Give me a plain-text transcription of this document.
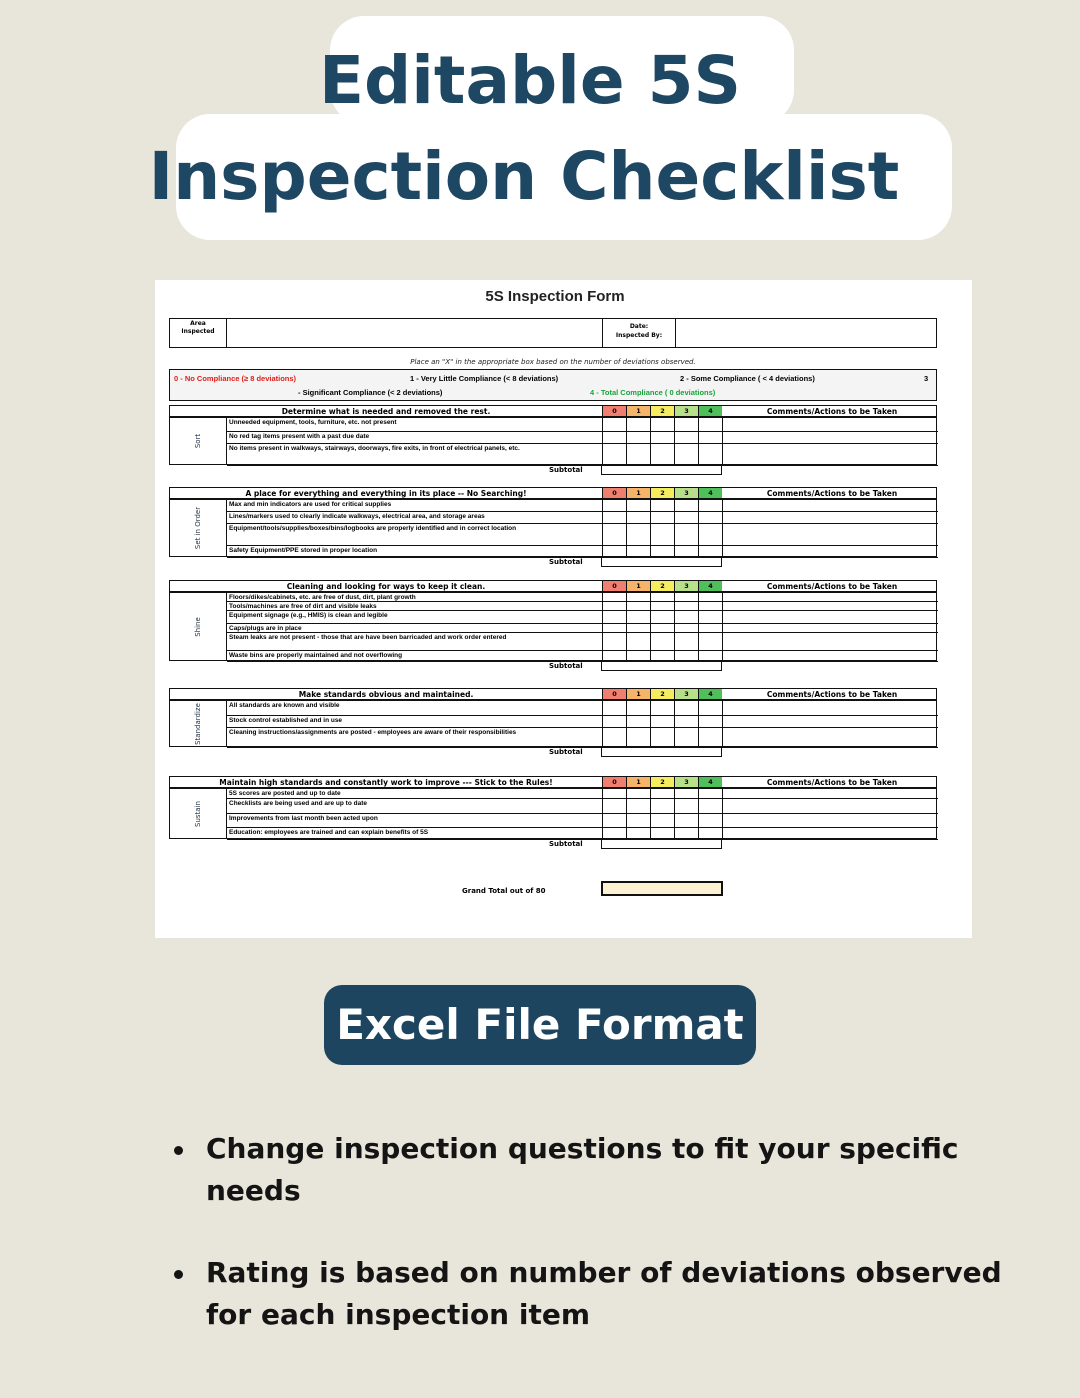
Editable 5S
Inspection Checklist
5S Inspection Form
Area Inspected
Date:
Inspected By:
Place an "X" in the appropriate box based on the number of deviations observed.
0 - No Compliance (≥ 8 deviations)	1 - Very Little Compliance (< 8 deviations)	2 - Some Compliance ( < 4 deviations)	3
- Significant Compliance (< 2 deviations)	4 - Total Compliance ( 0 deviations)
Determine what is needed and removed the rest.	0	1	2	3	4	Comments/Actions to be Taken
Sort
Unneeded equipment, tools, furniture, etc. not present
No red tag items present with a past due date
No items present in walkways, stairways, doorways, fire exits, in front of electrical panels, etc.
Subtotal
A place for everything and everything in its place -- No Searching!	0	1	2	3	4	Comments/Actions to be Taken
Set in Order
Max and min indicators are used for critical supplies
Lines/markers used to clearly indicate walkways, electrical area, and storage areas
Equipment/tools/supplies/boxes/bins/logbooks are properly identified and in correct location
Safety Equipment/PPE stored in proper location
Subtotal
Cleaning and looking for ways to keep it clean.	0	1	2	3	4	Comments/Actions to be Taken
Shine
Floors/dikes/cabinets, etc. are free of dust, dirt, plant growth
Tools/machines are free of dirt and visible leaks
Equipment signage (e.g., HMIS) is clean and legible
Caps/plugs are in place
Steam leaks are not present - those that are have been barricaded and work order entered
Waste bins are properly maintained and not overflowing
Subtotal
Make standards obvious and maintained.	0	1	2	3	4	Comments/Actions to be Taken
Standardize	All standards are known and visible
Stock control established and in use
Cleaning instructions/assignments are posted - employees are aware of their responsibilities
Subtotal
Maintain high standards and constantly work to improve --- Stick to the Rules!	0	1	2	3	4	Comments/Actions to be Taken
Sustain
5S scores are posted and up to date
Checklists are being used and are up to date
Improvements from last month been acted upon
Education: employees are trained and can explain benefits of 5S
Subtotal
Grand Total out of 80
Excel File Format
Change inspection questions to fit your specific needs
Rating is based on number of deviations observed for each inspection item
